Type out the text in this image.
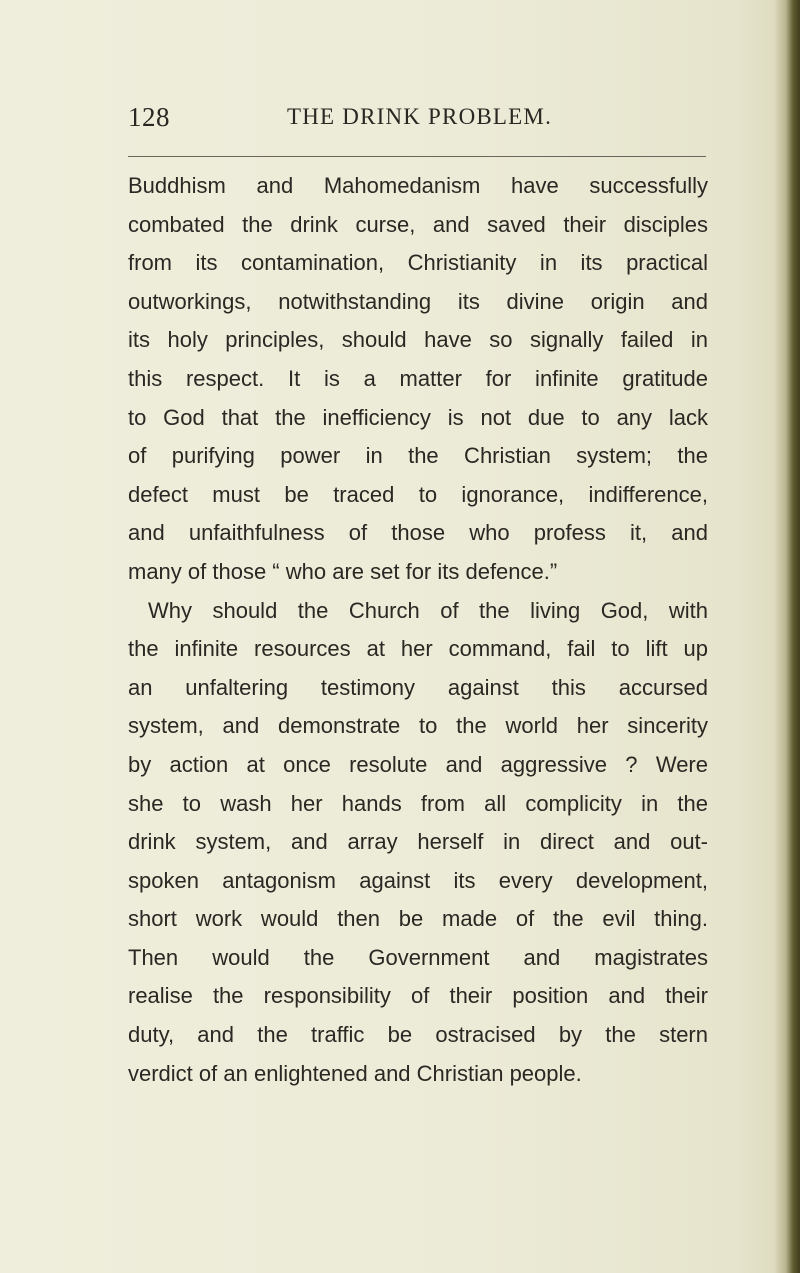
128	THE DRINK PROBLEM.
Buddhism and Mahomedanism have successfully
combated the drink curse, and saved their disciples
from its contamination, Christianity in its practical
outworkings, notwithstanding its divine origin and
its holy principles, should have so signally failed in
this respect. It is a matter for infinite gratitude
to God that the inefficiency is not due to any lack
of purifying power in the Christian system; the
defect must be traced to ignorance, indifference,
and unfaithfulness of those who profess it, and
many of those “ who are set for its defence.”
Why should the Church of the living God, with
the infinite resources at her command, fail to lift up
an unfaltering testimony against this accursed
system, and demonstrate to the world her sincerity
by action at once resolute and aggressive ? Were
she to wash her hands from all complicity in the
drink system, and array herself in direct and out-
spoken antagonism against its every development,
short work would then be made of the evil thing.
Then would the Government and magistrates
realise the responsibility of their position and their
duty, and the traffic be ostracised by the stern
verdict of an enlightened and Christian people.
